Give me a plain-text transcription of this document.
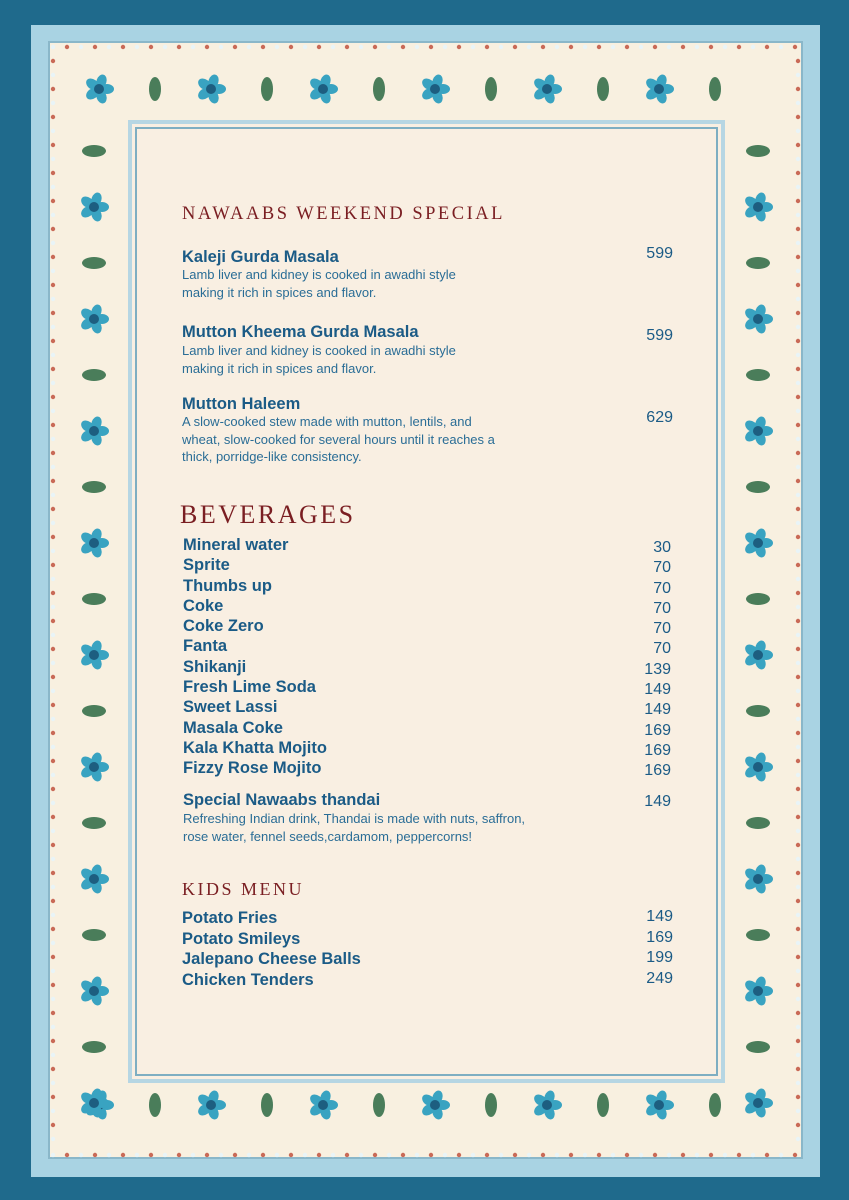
NAWAABS WEEKEND SPECIAL
Kaleji Gurda Masala
Lamb liver and kidney is cooked in awadhi style
making it rich in spices and flavor.
599
Mutton Kheema Gurda Masala
Lamb liver and kidney is cooked in awadhi style
making it rich in spices and flavor.
599
Mutton Haleem
A slow-cooked stew made with mutton, lentils, and
wheat, slow-cooked for several hours until it reaches a
thick, porridge-like consistency.
629
BEVERAGES
Mineral water	30
Sprite	70
Thumbs up	70
Coke	70
Coke Zero	70
Fanta	70
Shikanji	139
Fresh Lime Soda	149
Sweet Lassi	149
Masala Coke	169
Kala Khatta Mojito	169
Fizzy Rose Mojito	169
Special Nawaabs thandai
Refreshing Indian drink, Thandai is made with nuts, saffron,
rose water, fennel seeds,cardamom, peppercorns!
149
KIDS MENU
Potato Fries	149
Potato Smileys	169
Jalepano Cheese Balls	199
Chicken Tenders	249
